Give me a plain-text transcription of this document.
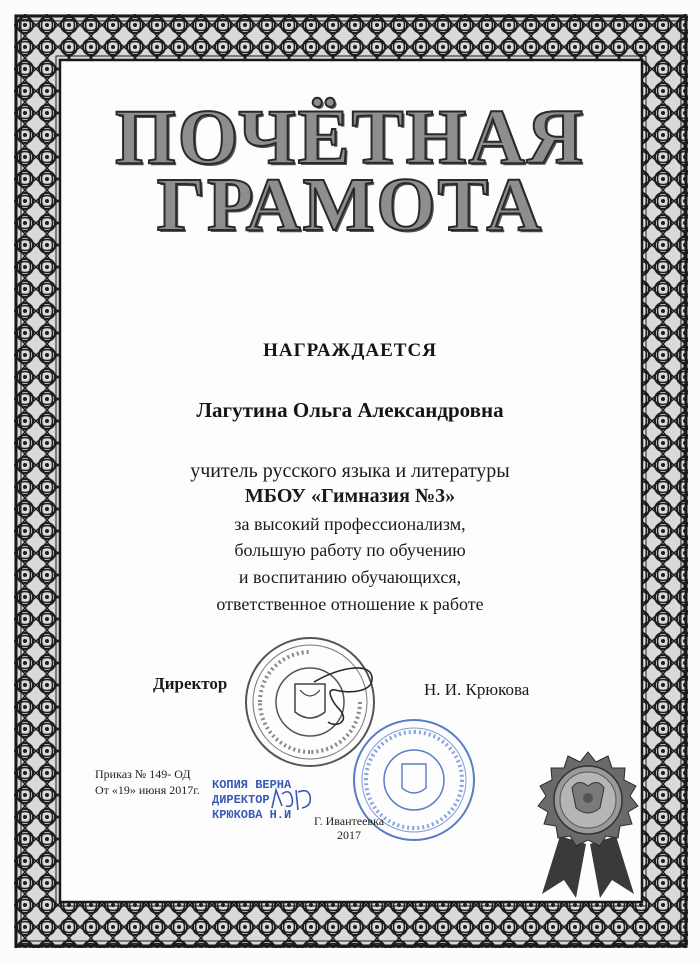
ПОЧЁТНАЯ
ГРАМОТА
НАГРАЖДАЕТСЯ
Лагутина Ольга Александровна
учитель русского языка и литературы
МБОУ «Гимназия №3»
за высокий профессионализм,
большую работу по обучению
и воспитанию обучающихся,
ответственное отношение к работе
Директор	Н. И. Крюкова
Приказ № 149- ОД
От «19» июня 2017г. КОПИЯ ВЕРНА
ДИРЕКТОР
КРЮКОВА Н.И Г. Ивантеевка
2017
